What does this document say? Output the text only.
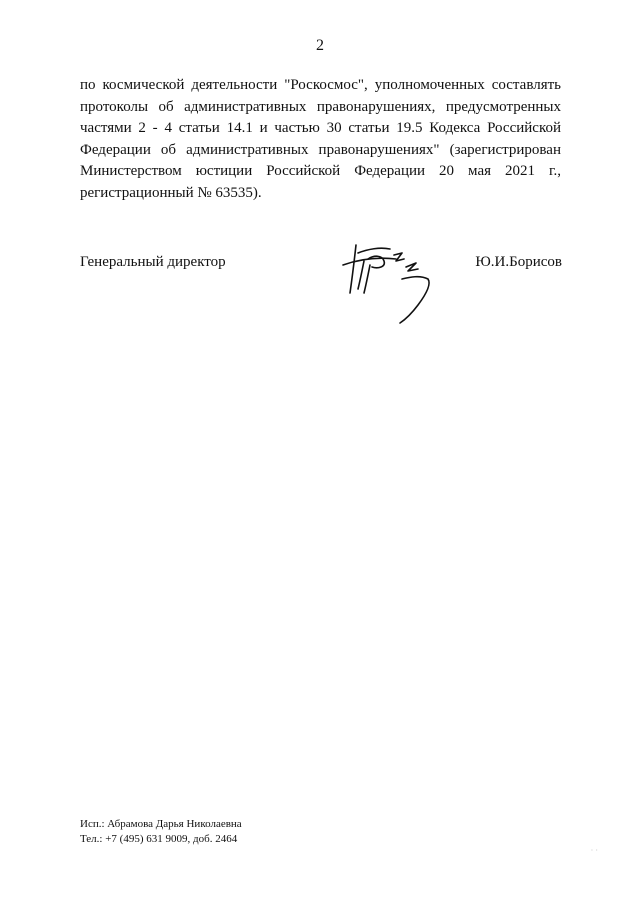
2
по космической деятельности "Роскосмос", уполномоченных составлять
протоколы об административных правонарушениях, предусмотренных
частями 2 - 4 статьи 14.1 и частью 30 статьи 19.5 Кодекса Российской
Федерации об административных правонарушениях" (зарегистрирован
Министерством юстиции Российской Федерации 20 мая 2021 г.,
регистрационный № 63535).
Генеральный директор	Ю.И.Борисов
Исп.: Абрамова Дарья Николаевна
Тел.: +7 (495) 631 9009, доб. 2464
· ·
